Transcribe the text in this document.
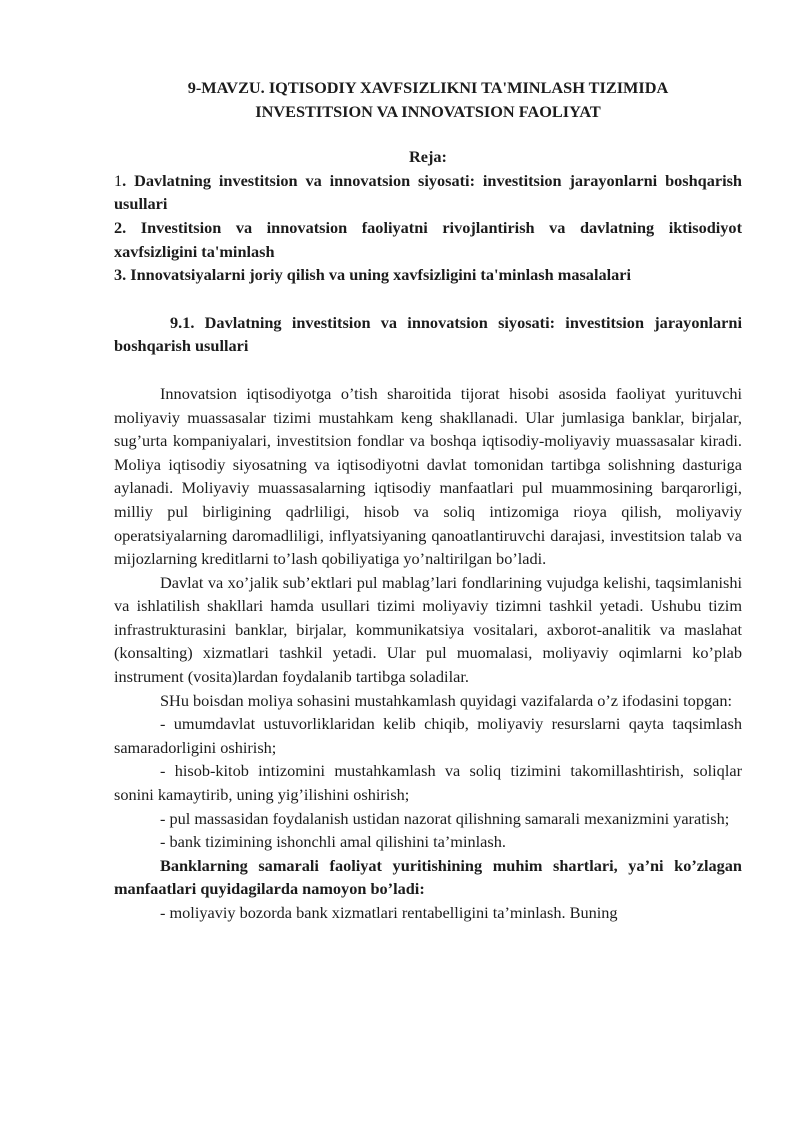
9-MAVZU. IQTISODIY XAVFSIZLIKNI TA'MINLASH TIZIMIDA
INVESTITSION VA INNOVATSION FAOLIYAT
Reja:

1. Davlatning investitsion va innovatsion siyosati: investitsion jarayonlarni boshqarish usullari

2. Investitsion va innovatsion faoliyatni rivojlantirish va davlatning iktisodiyot xavfsizligini ta'minlash

3. Innovatsiyalarni joriy qilish va uning xavfsizligini ta'minlash masalalari

9.1. Davlatning investitsion va innovatsion siyosati: investitsion jarayonlarni boshqarish usullari

Innovatsion iqtisodiyotga o’tish sharoitida tijorat hisobi asosida faoliyat yurituvchi moliyaviy muassasalar tizimi mustahkam keng shakllanadi. Ular jumlasiga banklar, birjalar, sug’urta kompaniyalari, investitsion fondlar va boshqa iqtisodiy-moliyaviy muassasalar kiradi. Moliya iqtisodiy siyosatning va iqtisodiyotni davlat tomonidan tartibga solishning dasturiga aylanadi. Moliyaviy muassasalarning iqtisodiy manfaatlari pul muammosining barqarorligi, milliy pul birligining qadrliligi, hisob va soliq intizomiga rioya qilish, moliyaviy operatsiyalarning daromadliligi, inflyatsiyaning qanoatlantiruvchi darajasi, investitsion talab va mijozlarning kreditlarni to’lash qobiliyatiga yo’naltirilgan bo’ladi.

Davlat va xo’jalik sub’ektlari pul mablag’lari fondlarining vujudga kelishi, taqsimlanishi va ishlatilish shakllari hamda usullari tizimi moliyaviy tizimni tashkil yetadi. Ushubu tizim infrastrukturasini banklar, birjalar, kommunikatsiya vositalari, axborot-analitik va maslahat (konsalting) xizmatlari tashkil yetadi. Ular pul muomalasi, moliyaviy oqimlarni ko’plab instrument (vosita)lardan foydalanib tartibga soladilar.

SHu boisdan moliya sohasini mustahkamlash quyidagi vazifalarda o’z ifodasini topgan:

- umumdavlat ustuvorliklaridan kelib chiqib, moliyaviy resurslarni qayta taqsimlash samaradorligini oshirish;

- hisob-kitob intizomini mustahkamlash va soliq tizimini takomillashtirish, soliqlar sonini kamaytirib, uning yig’ilishini oshirish;

- pul massasidan foydalanish ustidan nazorat qilishning samarali mexanizmini yaratish;

- bank tizimining ishonchli amal qilishini ta’minlash.

Banklarning samarali faoliyat yuritishining muhim shartlari, ya’ni ko’zlagan manfaatlari quyidagilarda namoyon bo’ladi:

- moliyaviy bozorda bank xizmatlari rentabelligini ta’minlash. Buning
